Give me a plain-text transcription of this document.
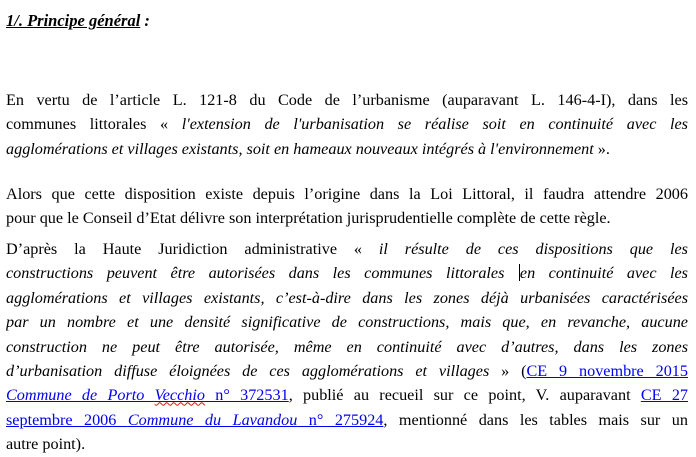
1/. Principe général :
En vertu de l’article L. 121-8 du Code de l’urbanisme (auparavant L. 146-4-I), dans les
communes littorales « l'extension de l'urbanisation se réalise soit en continuité avec les
agglomérations et villages existants, soit en hameaux nouveaux intégrés à l'environnement ».
Alors que cette disposition existe depuis l’origine dans la Loi Littoral, il faudra attendre 2006
pour que le Conseil d’Etat délivre son interprétation jurisprudentielle complète de cette règle.
D’après la Haute Juridiction administrative « il résulte de ces dispositions que les
constructions peuvent être autorisées dans les communes littorales en continuité avec les
agglomérations et villages existants, c’est-à-dire dans les zones déjà urbanisées caractérisées
par un nombre et une densité significative de constructions, mais que, en revanche, aucune
construction ne peut être autorisée, même en continuité avec d’autres, dans les zones
d’urbanisation diffuse éloignées de ces agglomérations et villages » (CE 9 novembre 2015
Commune de Porto Vecchio n° 372531, publié au recueil sur ce point, V. auparavant CE 27
septembre 2006 Commune du Lavandou n° 275924, mentionné dans les tables mais sur un
autre point).
